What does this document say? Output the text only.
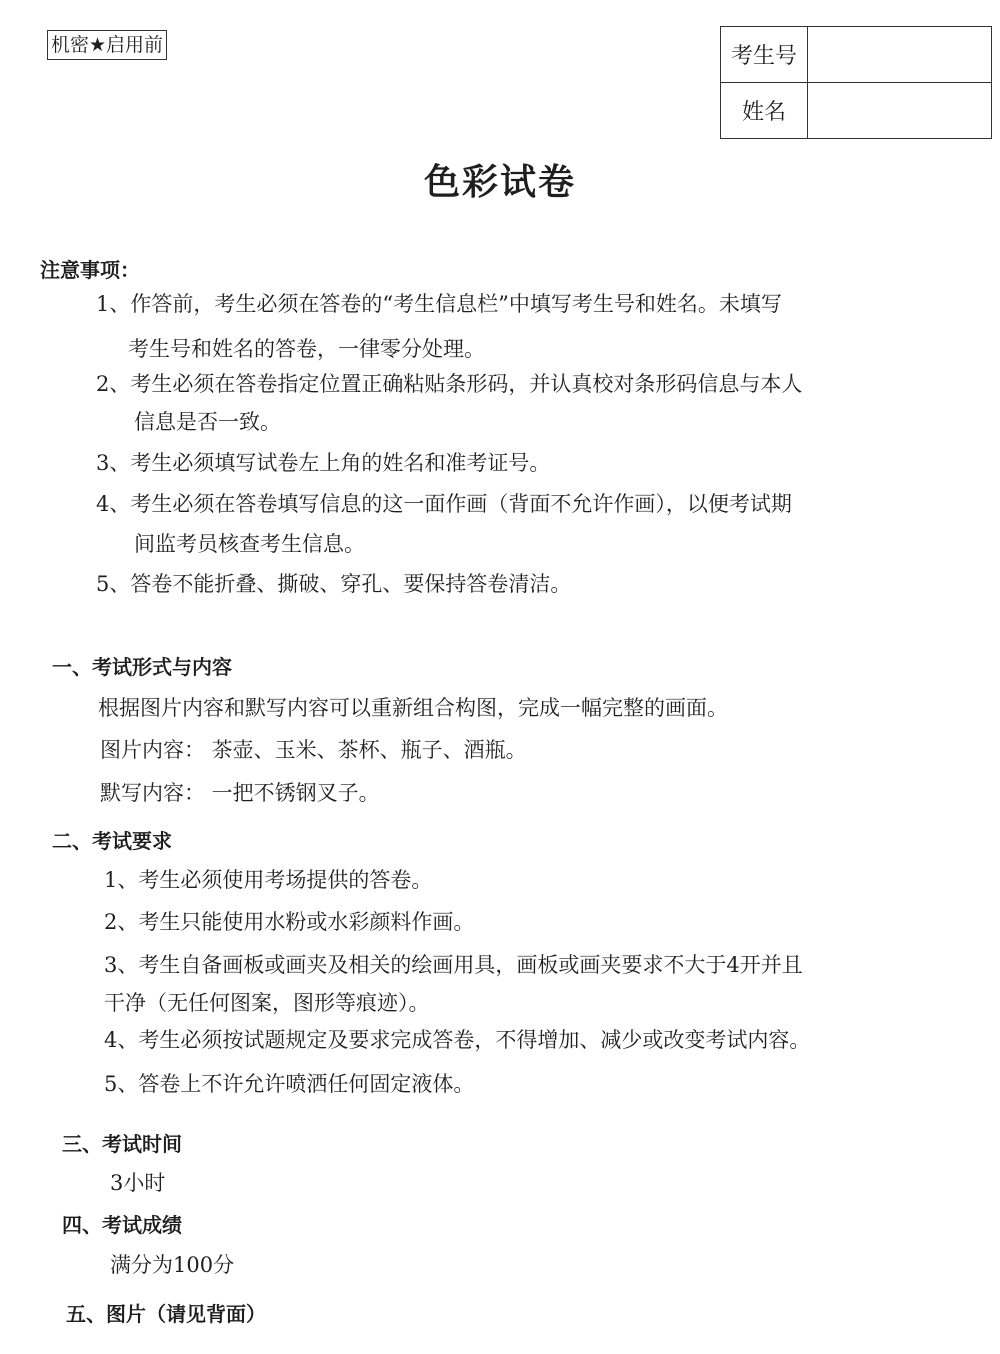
机密★启用前	考生号	
姓名	
色彩试卷
注意事项：
1、作答前，考生必须在答卷的“考生信息栏”中填写考生号和姓名。未填写
考生号和姓名的答卷，一律零分处理。
2、考生必须在答卷指定位置正确粘贴条形码，并认真校对条形码信息与本人
信息是否一致。
3、考生必须填写试卷左上角的姓名和准考证号。
4、考生必须在答卷填写信息的这一面作画（背面不允许作画），以便考试期
间监考员核查考生信息。
5、答卷不能折叠、撕破、穿孔、要保持答卷清洁。
一、考试形式与内容
根据图片内容和默写内容可以重新组合构图，完成一幅完整的画面。
图片内容： 茶壶、玉米、茶杯、瓶子、酒瓶。
默写内容： 一把不锈钢叉子。
二、考试要求
1、考生必须使用考场提供的答卷。
2、考生只能使用水粉或水彩颜料作画。
3、考生自备画板或画夹及相关的绘画用具，画板或画夹要求不大于4开并且
干净（无任何图案，图形等痕迹）。
4、考生必须按试题规定及要求完成答卷，不得增加、减少或改变考试内容。
5、答卷上不许允许喷洒任何固定液体。
三、考试时间
3小时
四、考试成绩
满分为100分
五、图片（请见背面）
